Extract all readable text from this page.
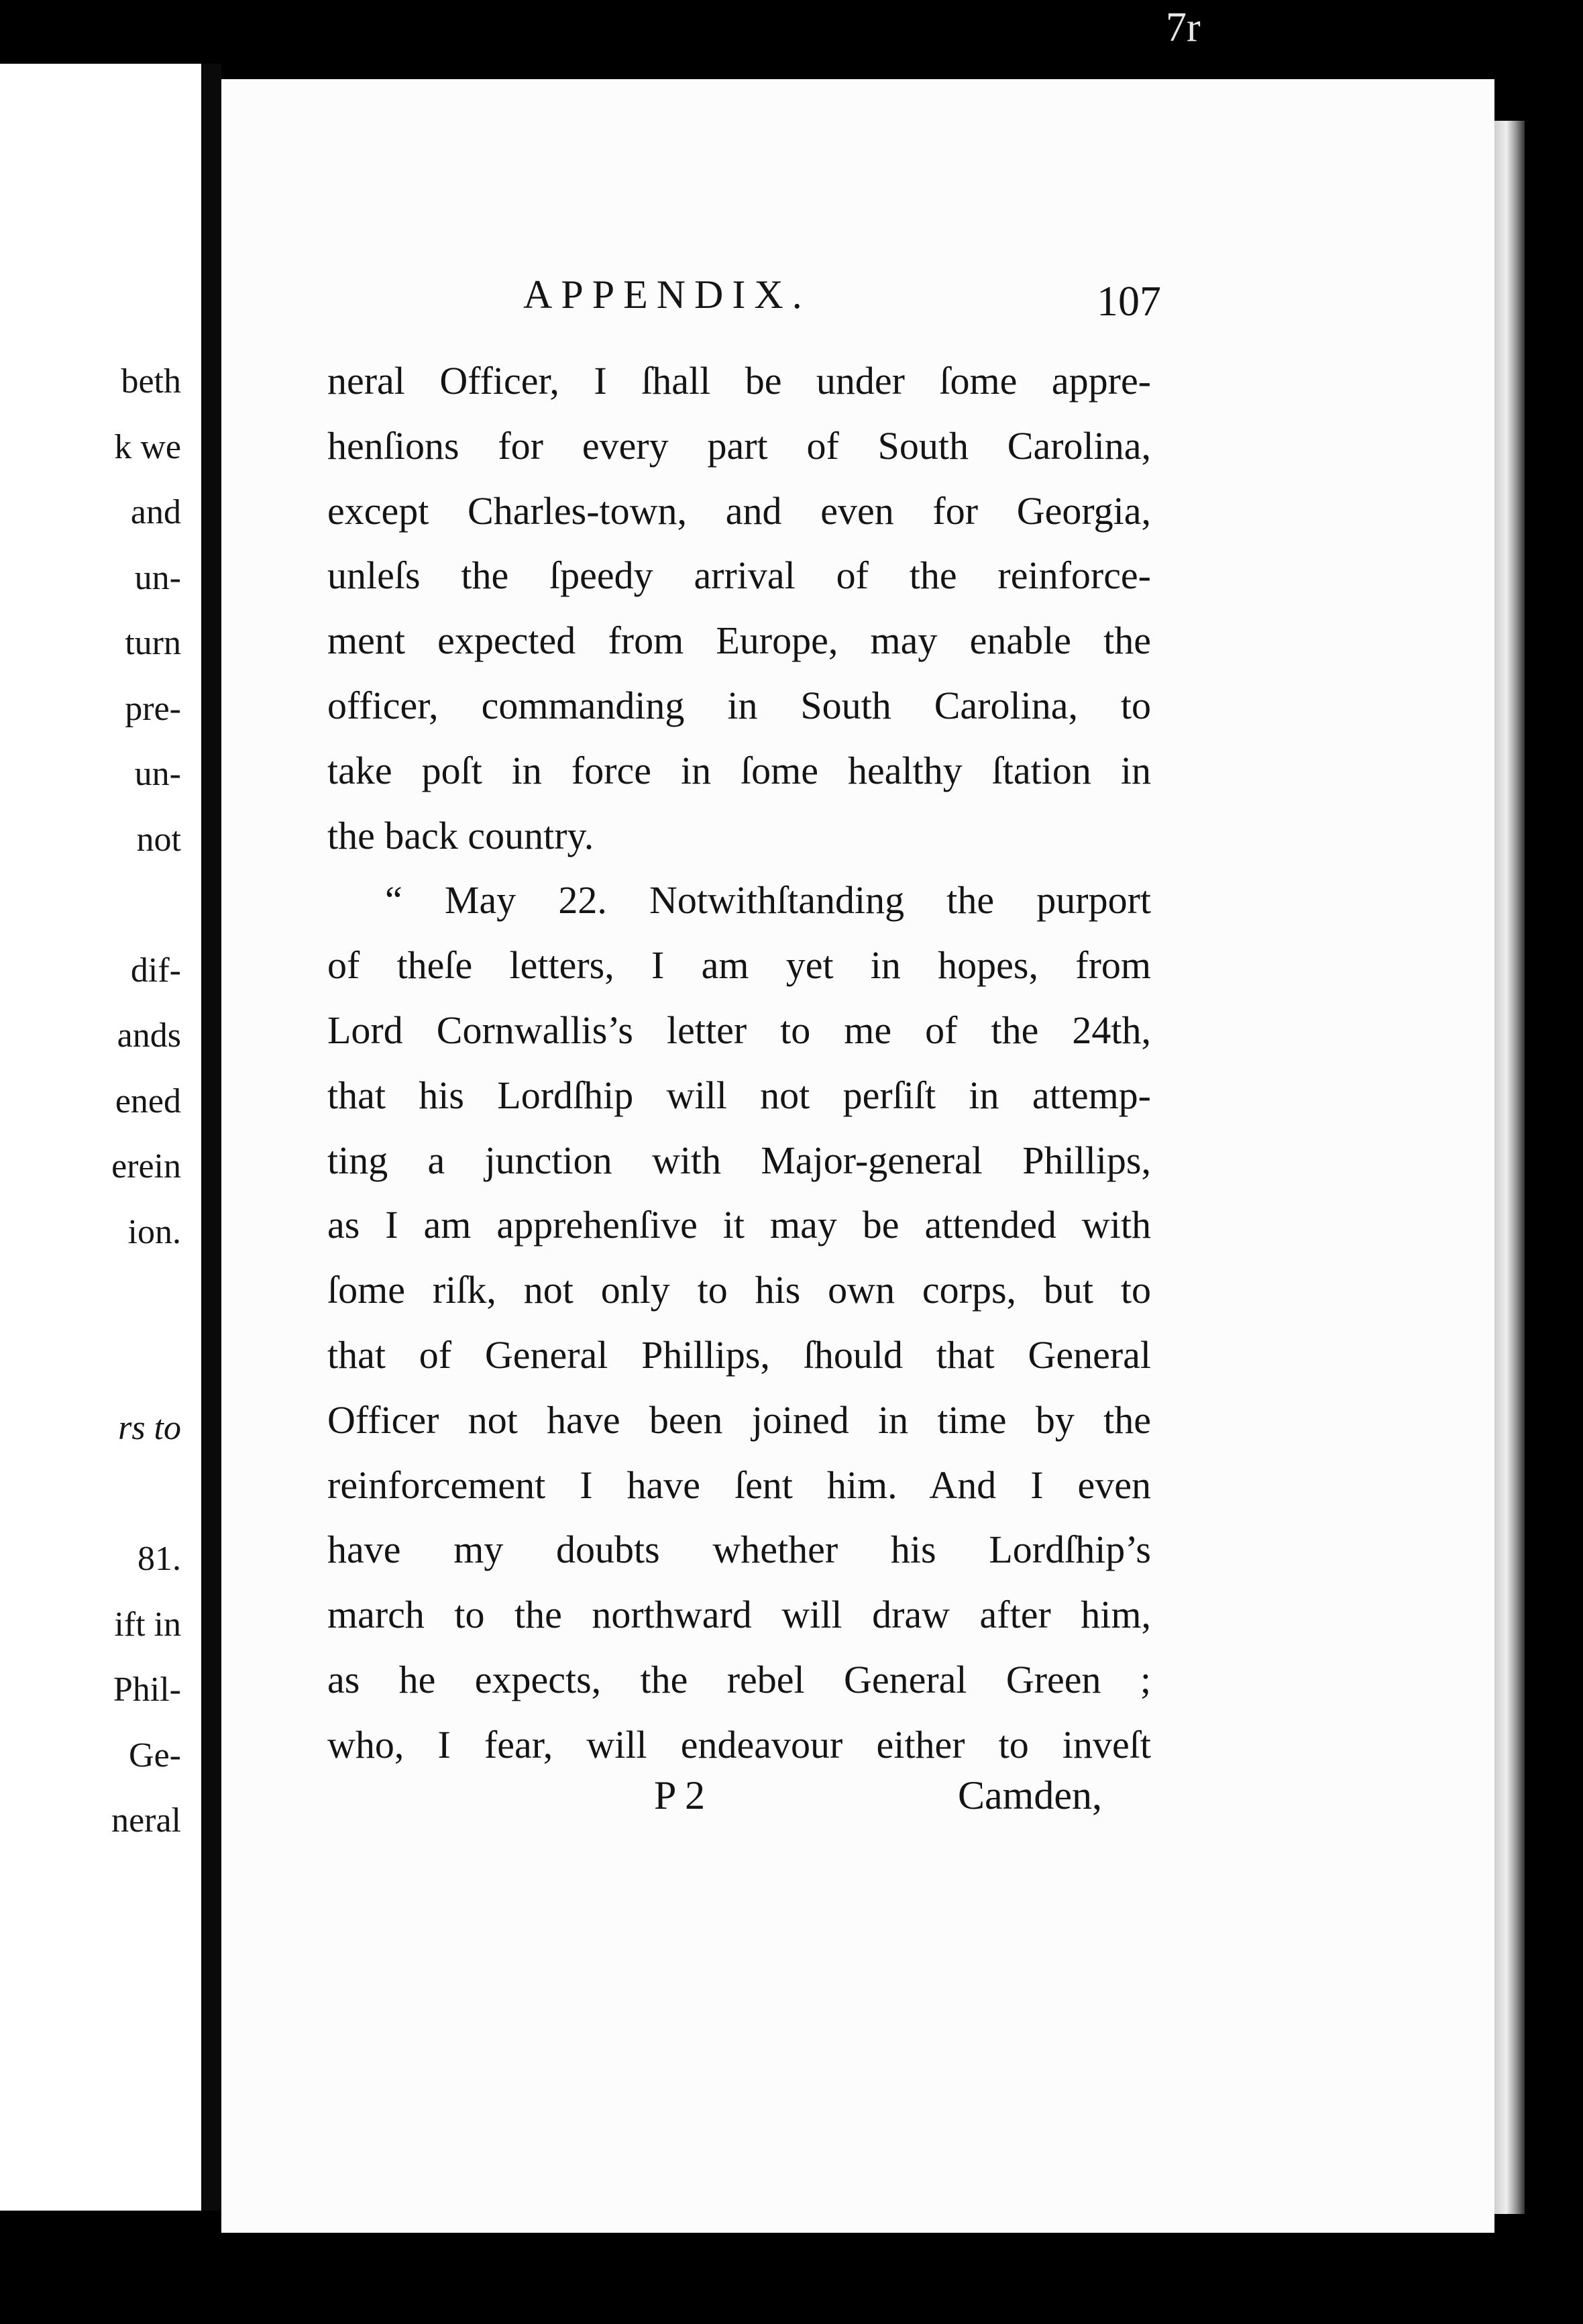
beth
k we
and
un-
turn
pre-
un-
not
dif-
ands
ened
erein
ion.
rs to
81.
ift in
Phil-
Ge-
neral
7r
APPENDIX.	107
neral Officer, I ſhall be under ſome appre-
henſions for every part of South Carolina,
except Charles-town, and even for Georgia,
unleſs the ſpeedy arrival of the reinforce-
ment expected from Europe, may enable the
officer, commanding in South Carolina, to
take poſt in force in ſome healthy ſtation in
the back country.
“ May 22. Notwithſtanding the purport
of theſe letters, I am yet in hopes, from
Lord Cornwallis’s letter to me of the 24th,
that his Lordſhip will not perſiſt in attemp-
ting a junction with Major-general Phillips,
as I am apprehenſive it may be attended with
ſome riſk, not only to his own corps, but to
that of General Phillips, ſhould that General
Officer not have been joined in time by the
reinforcement I have ſent him. And I even
have my doubts whether his Lordſhip’s
march to the northward will draw after him,
as he expects, the rebel General Green ;
who, I fear, will endeavour either to inveſt
P 2	Camden,
